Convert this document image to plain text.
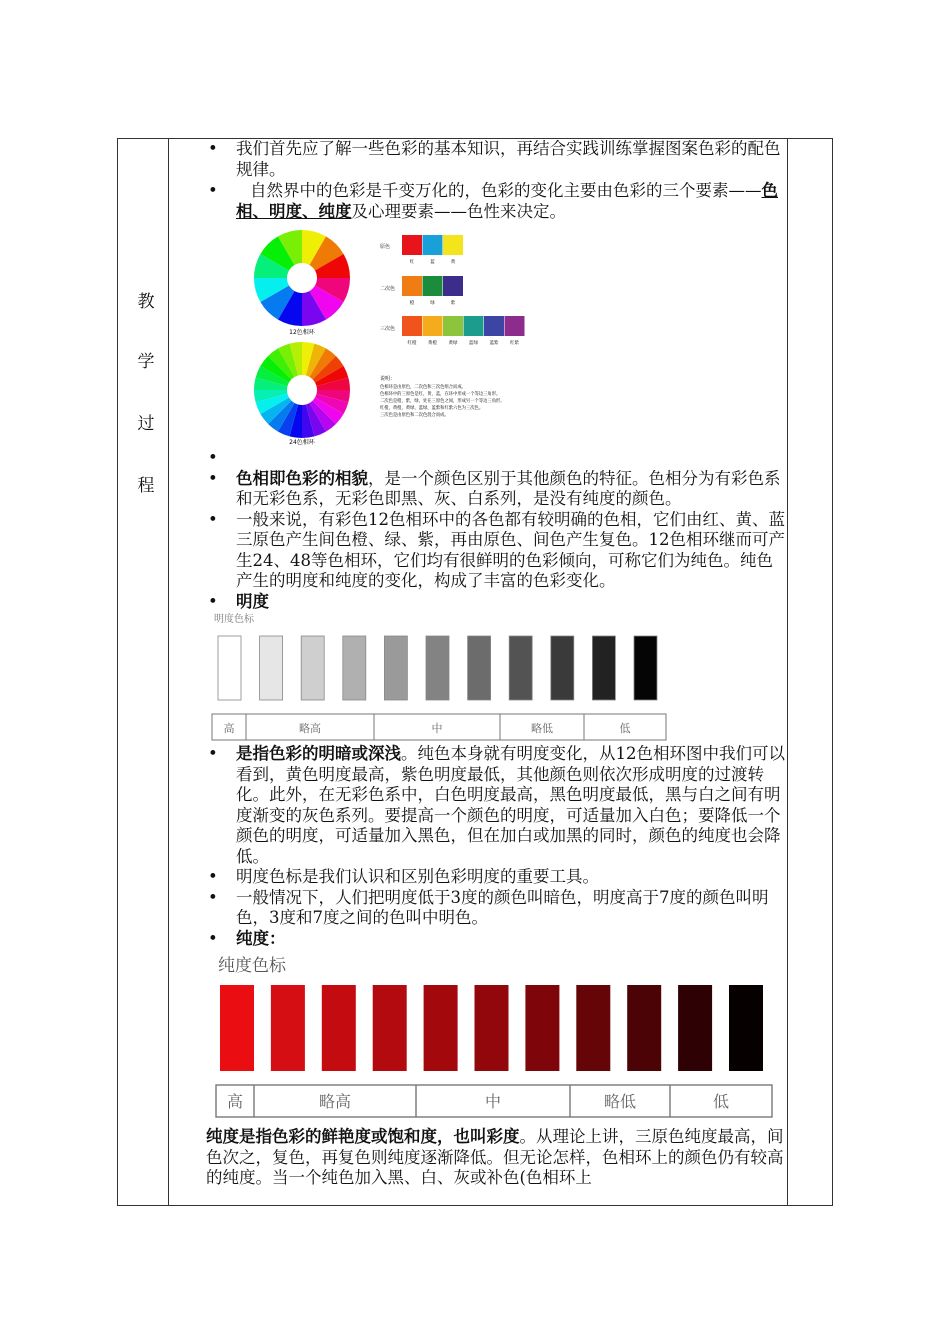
教
学
过
程
• 我们首先应了解一些色彩的基本知识，再结合实践训练掌握图案色彩的配色规律。
• 自然界中的色彩是千变万化的，色彩的变化主要由色彩的三个要素——色相、明度、纯度及心理要素——色性来决定。
12色相环
24色相环
原色
红	蓝	黄
二次色
橙	绿	紫
三次色
红橙	黄橙	黄绿	蓝绿	蓝紫	红紫
说明：
色相环是由原色，二次色和三次色组合而成。
色相环中的三原色是红，黄，蓝，在环中形成一个等边三角形。
二次色是橙，紫，绿，处在三原色之间，形成另一个等边三角形。
红橙，黄橙，黄绿，蓝绿，蓝紫和红紫六色为三次色。
三次色是由原色和二次色混合而成。
•
• 色相即色彩的相貌，是一个颜色区别于其他颜色的特征。色相分为有彩色系和无彩色系，无彩色即黑、灰、白系列，是没有纯度的颜色。
• 一般来说，有彩色12色相环中的各色都有较明确的色相，它们由红、黄、蓝三原色产生间色橙、绿、紫，再由原色、间色产生复色。12色相环继而可产生24、48等色相环，它们均有很鲜明的色彩倾向，可称它们为纯色。纯色产生的明度和纯度的变化，构成了丰富的色彩变化。
• 明度
明度色标
高	略高	中	略低	低
• 是指色彩的明暗或深浅。纯色本身就有明度变化，从12色相环图中我们可以看到，黄色明度最高，紫色明度最低，其他颜色则依次形成明度的过渡转化。此外，在无彩色系中，白色明度最高，黑色明度最低，黑与白之间有明度渐变的灰色系列。要提高一个颜色的明度，可适量加入白色；要降低一个颜色的明度，可适量加入黑色，但在加白或加黑的同时，颜色的纯度也会降低。
• 明度色标是我们认识和区别色彩明度的重要工具。
• 一般情况下，人们把明度低于3度的颜色叫暗色，明度高于7度的颜色叫明色，3度和7度之间的色叫中明色。
• 纯度：
纯度色标
高	略高	中	略低	低

纯度是指色彩的鲜艳度或饱和度，也叫彩度。从理论上讲，三原色纯度最高，间色次之，复色，再复色则纯度逐渐降低。但无论怎样，色相环上的颜色仍有较高的纯度。当一个纯色加入黑、白、灰或补色(色相环上
